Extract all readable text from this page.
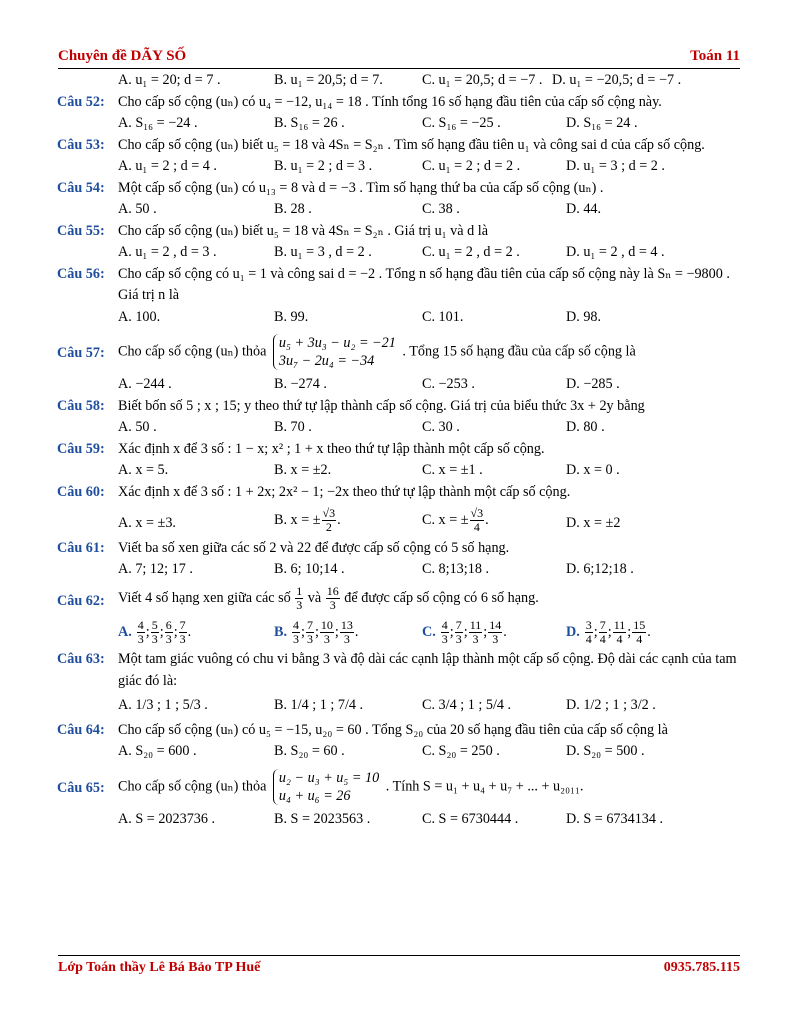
Chuyên đề DÃY SỐ	Toán 11
A. u₁ = 20; d = 7 .	B. u₁ = 20,5; d = 7.	C. u₁ = 20,5; d = −7 . D. u₁ = −20,5; d = −7 .
Câu 52: Cho cấp số cộng (uₙ) có u₄ = −12, u₁₄ = 18 . Tính tổng 16 số hạng đầu tiên của cấp số cộng này.
A. S₁₆ = −24 .	B. S₁₆ = 26 .	C. S₁₆ = −25 .	D. S₁₆ = 24 .
Câu 53: Cho cấp số cộng (uₙ) biết u₅ = 18 và 4Sₙ = S₂ₙ . Tìm số hạng đầu tiên u₁ và công sai d của cấp số cộng.
A. u₁ = 2 ; d = 4 .	B. u₁ = 2 ; d = 3 .	C. u₁ = 2 ; d = 2 .	D. u₁ = 3 ; d = 2 .
Câu 54: Một cấp số cộng (uₙ) có u₁₃ = 8 và d = −3 . Tìm số hạng thứ ba của cấp số cộng (uₙ) .
A. 50 .	B. 28 .	C. 38 .	D. 44.
Câu 55: Cho cấp số cộng (uₙ) biết u₅ = 18 và 4Sₙ = S₂ₙ . Giá trị u₁ và d là
A. u₁ = 2 , d = 3 .	B. u₁ = 3 , d = 2 .	C. u₁ = 2 , d = 2 .	D. u₁ = 2 , d = 4 .
Câu 56: Cho cấp số cộng có u₁ = 1 và công sai d = −2 . Tổng n số hạng đầu tiên của cấp số cộng này là Sₙ = −9800 . Giá trị n là
A. 100.	B. 99.	C. 101.	D. 98.
Câu 57: Cho cấp số cộng (uₙ) thỏa
u₅ + 3u₃ − u₂ = −21
3u₇ − 2u₄ = −34
. Tổng 15 số hạng đầu của cấp số cộng là
A. −244 .	B. −274 .	C. −253 .	D. −285 .
Câu 58: Biết bốn số 5 ; x ; 15; y theo thứ tự lập thành cấp số cộng. Giá trị của biểu thức 3x + 2y bằng
A. 50 .	B. 70 .	C. 30 .	D. 80 .
Câu 59: Xác định x để 3 số : 1 − x; x² ; 1 + x theo thứ tự lập thành một cấp số cộng.
A. x = 5.	B. x = ±2.	C. x = ±1 .	D. x = 0 .
Câu 60: Xác định x để 3 số : 1 + 2x; 2x² − 1; −2x theo thứ tự lập thành một cấp số cộng.
A. x = ±3.	B. x = ± $\frac{√3}{2}$ .	C. x = ± $\frac{√3}{4}$ .	D. x = ±2
Câu 61: Viết ba số xen giữa các số 2 và 22 để được cấp số cộng có 5 số hạng.
A. 7; 12; 17 .	B. 6; 10;14 .	C. 8;13;18 .	D. 6;12;18 .
Câu 62: Viết 4 số hạng xen giữa các số $\frac{1}{3}$ và $\frac{16}{3}$ để được cấp số cộng có 6 số hạng.
A. $\frac{4}{3}$ ; $\frac{5}{3}$ ; $\frac{6}{3}$ ; $\frac{7}{3}$ .	B. $\frac{4}{3}$ ; $\frac{7}{3}$ ; $\frac{10}{3}$ ; $\frac{13}{3}$ .	C. $\frac{4}{3}$ ; $\frac{7}{3}$ ; $\frac{11}{3}$ ; $\frac{14}{3}$ .	D. $\frac{3}{4}$ ; $\frac{7}{4}$ ; $\frac{11}{4}$ ; $\frac{15}{4}$ .
Câu 63: Một tam giác vuông có chu vi bằng 3 và độ dài các cạnh lập thành một cấp số cộng. Độ dài các cạnh của tam giác đó là:
A. 1/3 ; 1 ; 5/3 .	B. 1/4 ; 1 ; 7/4 .	C. 3/4 ; 1 ; 5/4 .	D. 1/2 ; 1 ; 3/2 .
Câu 64: Cho cấp số cộng (uₙ) có u₅ = −15, u₂₀ = 60 . Tổng S₂₀ của 20 số hạng đầu tiên của cấp số cộng là
A. S₂₀ = 600 .	B. S₂₀ = 60 .	C. S₂₀ = 250 .	D. S₂₀ = 500 .
Câu 65: Cho cấp số cộng (uₙ) thỏa
u₂ − u₃ + u₅ = 10
u₄ + u₆ = 26
. Tính S = u₁ + u₄ + u₇ + ... + u₂₀₁₁.
A. S = 2023736 .	B. S = 2023563 .	C. S = 6730444 .	D. S = 6734134 .
Lớp Toán thầy Lê Bá Bảo TP Huế	0935.785.115
